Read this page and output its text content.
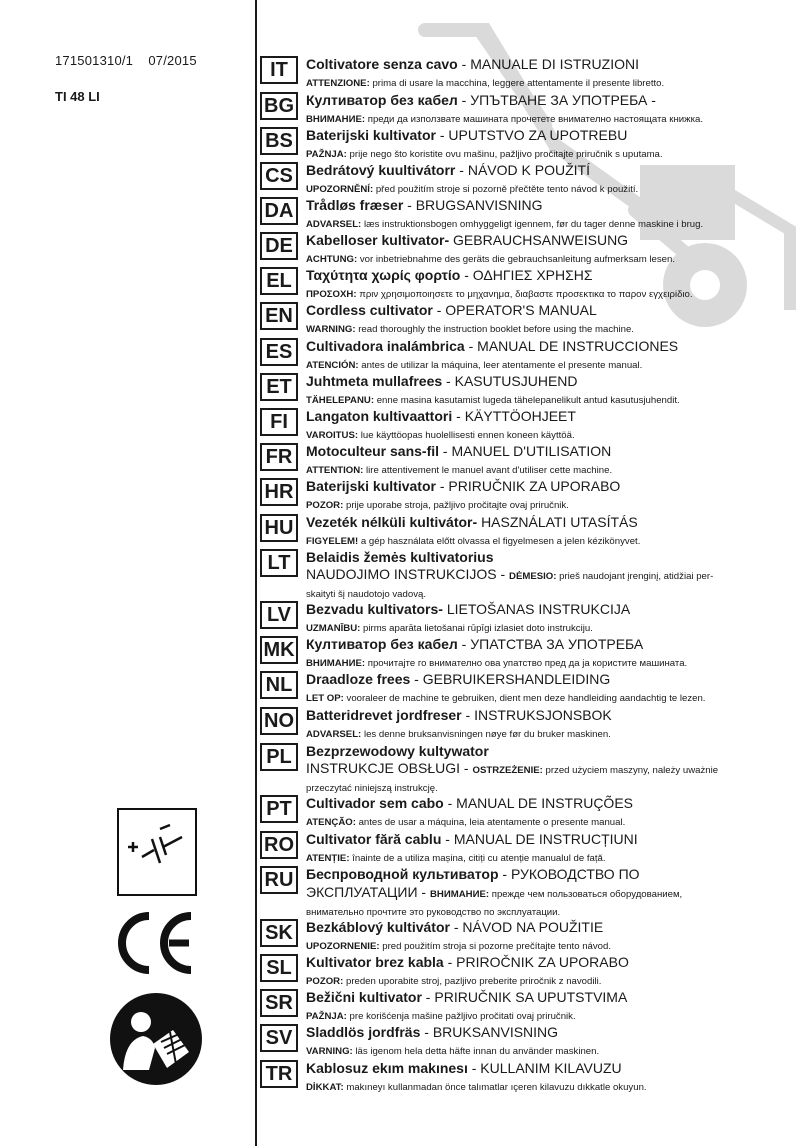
171501310/1 07/2015
TI 48 LI
IT	Coltivatore senza cavo - MANUALE DI ISTRUZIONI
ATTENZIONE: prima di usare la macchina, leggere attentamente il presente libretto.
BG Култиватор без кабел - УПЪТВАНЕ ЗА УПОТРЕБА -
ВНИМАНИЕ: преди да използвате машината прочетете внимателно настоящата книжка.
BS Baterijski kultivator - UPUTSTVO ZA UPOTREBU
PAŽNJA: prije nego što koristite ovu mašinu, pažljivo pročitajte priručnik s uputama.
CS Bedrátový kuultivátorr - NÁVOD K POUŽITÍ
UPOZORNĚNÍ: před použitím stroje si pozorně přečtěte tento návod k použití.
DA Trådløs fræser - BRUGSANVISNING
ADVARSEL: læs instruktionsbogen omhyggeligt igennem, før du tager denne maskine i brug.
DE Kabelloser kultivator- GEBRAUCHSANWEISUNG
ACHTUNG: vor inbetriebnahme des geräts die gebrauchsanleitung aufmerksam lesen.
EL	Ταχύτητα χωρίς φορτίο - ΟΔΗΓΙΕΣ ΧΡΗΣΗΣ
ΠΡΟΣΟΧΗ: πριν χρησιμοποιησετε το μηχανημα, διαβαστε προσεκτικα το παρον εγχειρiδιο.
EN Cordless cultivator - OPERATOR'S MANUAL
WARNING: read thoroughly the instruction booklet before using the machine.
ES Cultivadora inalámbrica - MANUAL DE INSTRUCCIONES
ATENCIÓN: antes de utilizar la máquina, leer atentamente el presente manual.
ET	Juhtmeta mullafrees - KASUTUSJUHEND
TÄHELEPANU: enne masina kasutamist lugeda tähelepanelikult antud kasutusjuhendit.
FI	Langaton kultivaattori - KÄYTTÖOHJEET
VAROITUS: lue käyttöopas huolellisesti ennen koneen käyttöä.
FR Motoculteur sans-fil - MANUEL D'UTILISATION
ATTENTION: lire attentivement le manuel avant d'utiliser cette machine.
HR Baterijski kultivator - PRIRUČNIK ZA UPORABO
POZOR: prije uporabe stroja, pažljivo pročitajte ovaj priručnik.
HU Vezeték nélküli kultivátor- HASZNÁLATI UTASÍTÁS
FIGYELEM! a gép használata előtt olvassa el figyelmesen a jelen kézikönyvet.
LT	Belaidis žemės kultivatorius
NAUDOJIMO INSTRUKCIJOS - DĖMESIO: prieš naudojant įrenginį, atidžiai per-
skaityti šį naudotojo vadovą.
LV	Bezvadu kultivators- LIETOŠANAS INSTRUKCIJA
UZMANĪBU: pirms aparāta lietošanai rūpīgi izlasiet doto instrukciju.
MK Култиватор без кабел - УПАТСТВА ЗА УПОТРЕБА
ВНИМАНИЕ: прочитајте го внимателно ова упатство пред да ја користите машината.
NL Draadloze frees - GEBRUIKERSHANDLEIDING
LET OP: vooraleer de machine te gebruiken, dient men deze handleiding aandachtig te lezen.
NO Batteridrevet jordfreser - INSTRUKSJONSBOK
ADVARSEL: les denne bruksanvisningen nøye før du bruker maskinen.
PL	Bezprzewodowy kultywator
INSTRUKCJE OBSŁUGI - OSTRZEŻENIE: przed użyciem maszyny, należy uważnie
przeczytać niniejszą instrukcję.
PT	Cultivador sem cabo - MANUAL DE INSTRUÇÕES
ATENÇÃO: antes de usar a máquina, leia atentamente o presente manual.
RO Cultivator fără cablu - MANUAL DE INSTRUCȚIUNI
ATENȚIE: înainte de a utiliza mașina, citiți cu atenție manualul de față.
RU Беспроводной культиватор - РУКОВОДСТВО ПО
ЭКСПЛУАТАЦИИ - ВНИМАНИЕ: прежде чем пользоваться оборудованием,
внимательно прочтите это руководство по эксплуатации.
SK Bezkáblový kultivátor - NÁVOD NA POUŽITIE
UPOZORNENIE: pred použitím stroja si pozorne prečítajte tento návod.
SL	Kultivator brez kabla - PRIROČNIK ZA UPORABO
POZOR: preden uporabite stroj, pazljivo preberite priročnik z navodili.
SR Bežični kultivator - PRIRUČNIK SA UPUTSTVIMA
PAŽNJA: pre korišćenja mašine pažljivo pročitati ovaj priručnik.
SV Sladdlös jordfräs - BRUKSANVISNING
VARNING: läs igenom hela detta häfte innan du använder maskinen.
TR Kablosuz ekım makınesı - KULLANIM KILAVUZU
DİKKAT: makıneyı kullanmadan önce talımatlar ıçeren kilavuzu dıkkatle okuyun.
